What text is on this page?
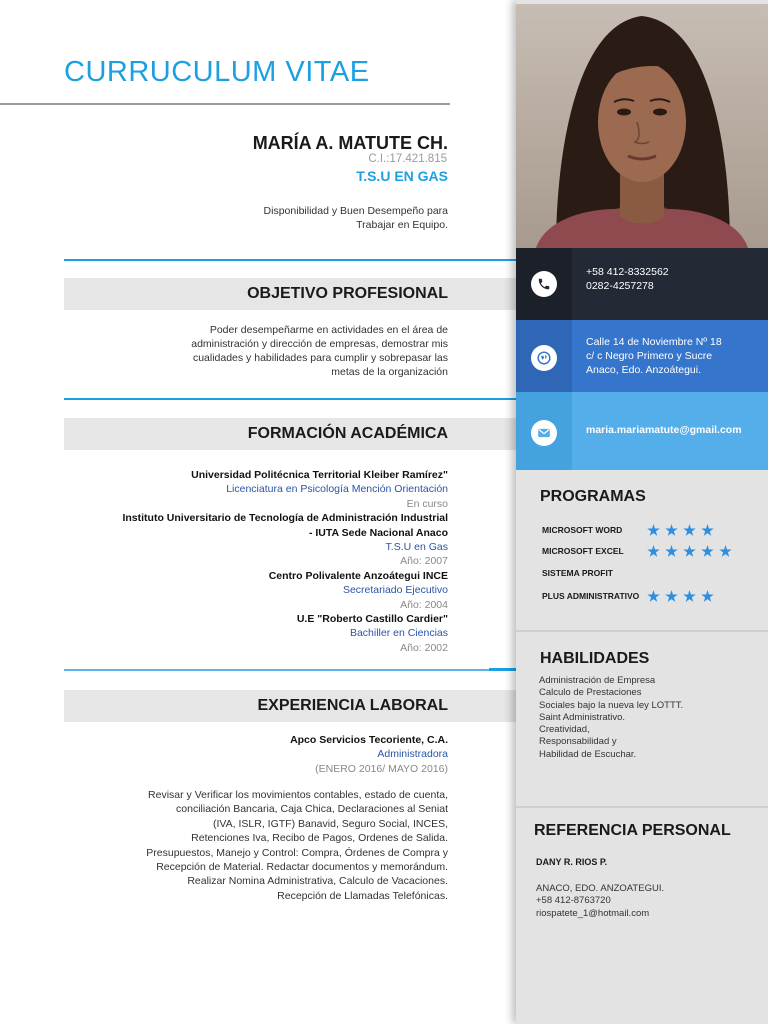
CURRUCULUM VITAE
MARÍA A. MATUTE CH.
C.I.:17.421.815
T.S.U EN GAS
Disponibilidad y Buen Desempeño para
Trabajar en Equipo.
OBJETIVO PROFESIONAL
Poder desempeñarme en actividades en el área de
administración y dirección de empresas, demostrar mis
cualidades y habilidades para cumplir y sobrepasar las
metas de la organización
FORMACIÓN ACADÉMICA
Universidad Politécnica Territorial Kleiber Ramírez"
Licenciatura en Psicología Mención Orientación
En curso
Instituto Universitario de Tecnología de Administración Industrial
- IUTA Sede Nacional Anaco
T.S.U en Gas
Año: 2007
Centro Polivalente Anzoátegui INCE
Secretariado Ejecutivo
Año: 2004
U.E "Roberto Castillo Cardier"
Bachiller en Ciencias
Año: 2002
EXPERIENCIA LABORAL
Apco Servicios Tecoriente, C.A.
Administradora
(ENERO 2016/ MAYO 2016)
Revisar y Verificar los movimientos contables, estado de cuenta,
conciliación Bancaria, Caja Chica, Declaraciones al Seniat
(IVA, ISLR, IGTF) Banavid, Seguro Social, INCES,
Retenciones Iva, Recibo de Pagos, Ordenes de Salida.
Presupuestos, Manejo y Control: Compra, Órdenes de Compra y
Recepción de Material. Redactar documentos y memorándum.
Realizar Nomina Administrativa, Calculo de Vacaciones.
Recepción de Llamadas Telefónicas.
+58 412-8332562
0282-4257278
Calle 14 de Noviembre Nº 18
c/ c Negro Primero y Sucre
Anaco, Edo. Anzoátegui.
maria.mariamatute@gmail.com
PROGRAMAS
MICROSOFT WORD
MICROSOFT EXCEL
SISTEMA PROFIT
PLUS ADMINISTRATIVO
HABILIDADES
Administración de Empresa
Calculo de Prestaciones
Sociales bajo la nueva ley LOTTT.
Saint Administrativo.
Creatividad,
Responsabilidad y
Habilidad de Escuchar.
REFERENCIA PERSONAL
DANY R. RIOS P.
ANACO, EDO. ANZOATEGUI.
+58 412-8763720
riospatete_1@hotmail.com
